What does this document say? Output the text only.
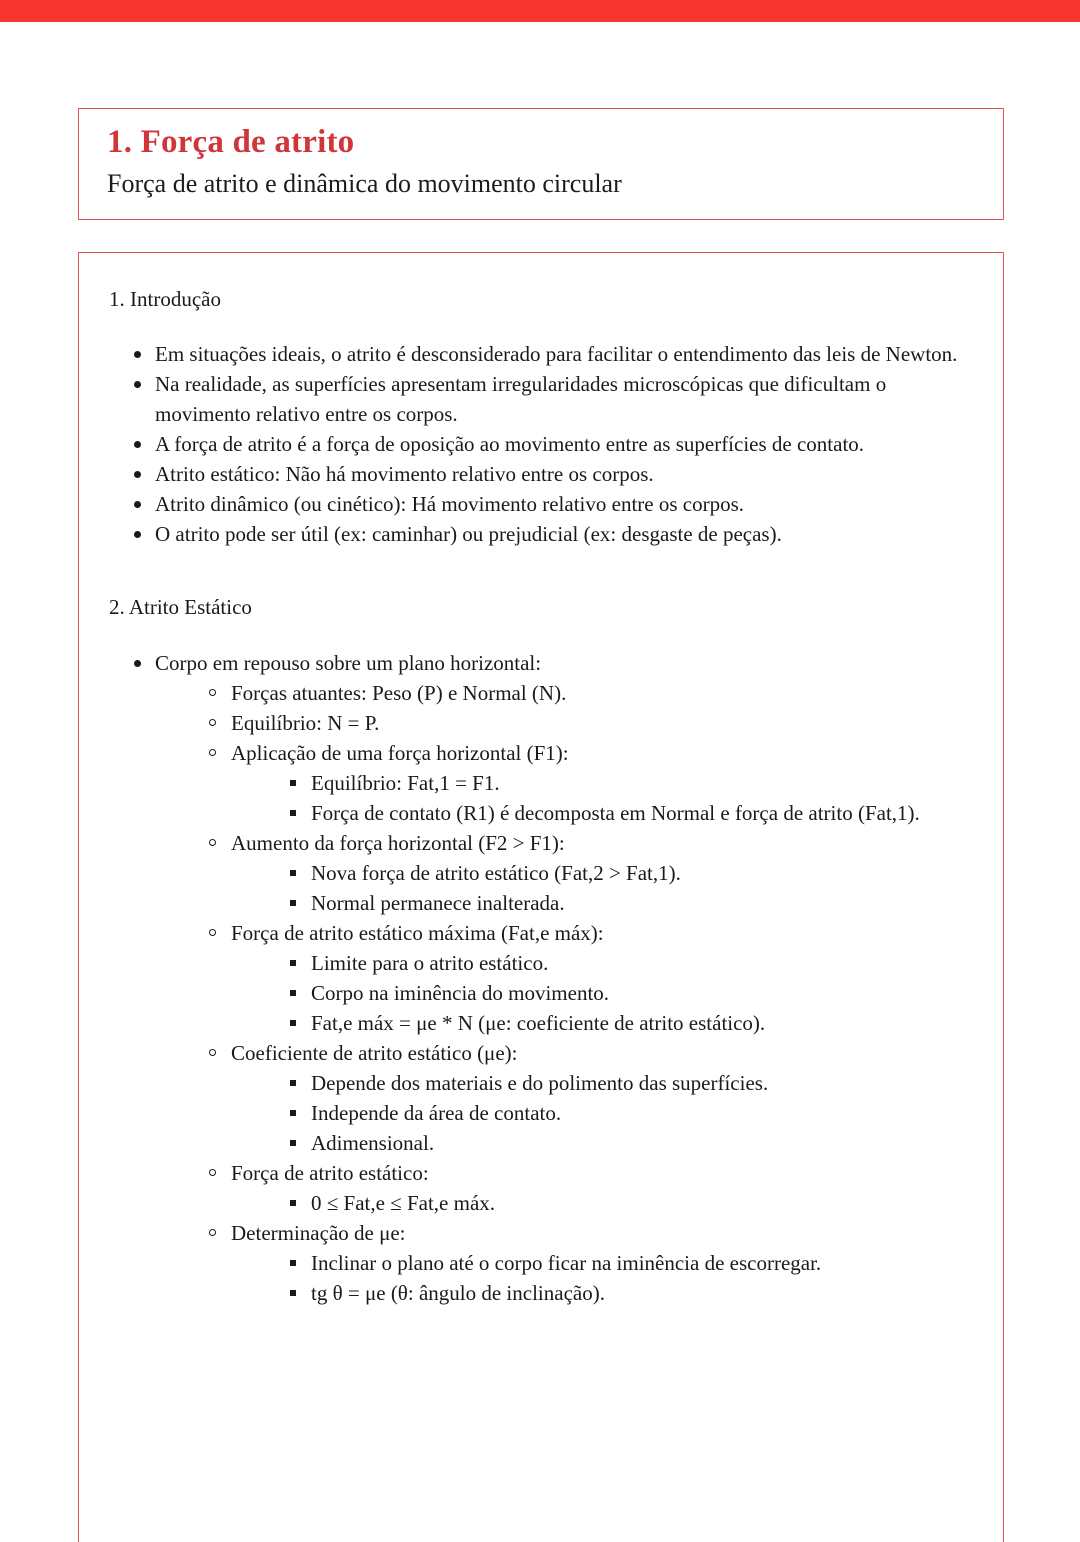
1. Força de atrito

Força de atrito e dinâmica do movimento circular

1. Introdução
Em situações ideais, o atrito é desconsiderado para facilitar o entendimento das leis de Newton.
Na realidade, as superfícies apresentam irregularidades microscópicas que dificultam o movimento relativo entre os corpos.
A força de atrito é a força de oposição ao movimento entre as superfícies de contato.
Atrito estático: Não há movimento relativo entre os corpos.
Atrito dinâmico (ou cinético): Há movimento relativo entre os corpos.
O atrito pode ser útil (ex: caminhar) ou prejudicial (ex: desgaste de peças).
2. Atrito Estático
Corpo em repouso sobre um plano horizontal:
Forças atuantes: Peso (P) e Normal (N).
Equilíbrio: N = P.
Aplicação de uma força horizontal (F1):
Equilíbrio: Fat,1 = F1.
Força de contato (R1) é decomposta em Normal e força de atrito (Fat,1).
Aumento da força horizontal (F2 > F1):
Nova força de atrito estático (Fat,2 > Fat,1).
Normal permanece inalterada.
Força de atrito estático máxima (Fat,e máx):
Limite para o atrito estático.
Corpo na iminência do movimento.
Fat,e máx = μe * N (μe: coeficiente de atrito estático).
Coeficiente de atrito estático (μe):
Depende dos materiais e do polimento das superfícies.
Independe da área de contato.
Adimensional.
Força de atrito estático:
0 ≤ Fat,e ≤ Fat,e máx.
Determinação de μe:
Inclinar o plano até o corpo ficar na iminência de escorregar.
tg θ = μe (θ: ângulo de inclinação).
